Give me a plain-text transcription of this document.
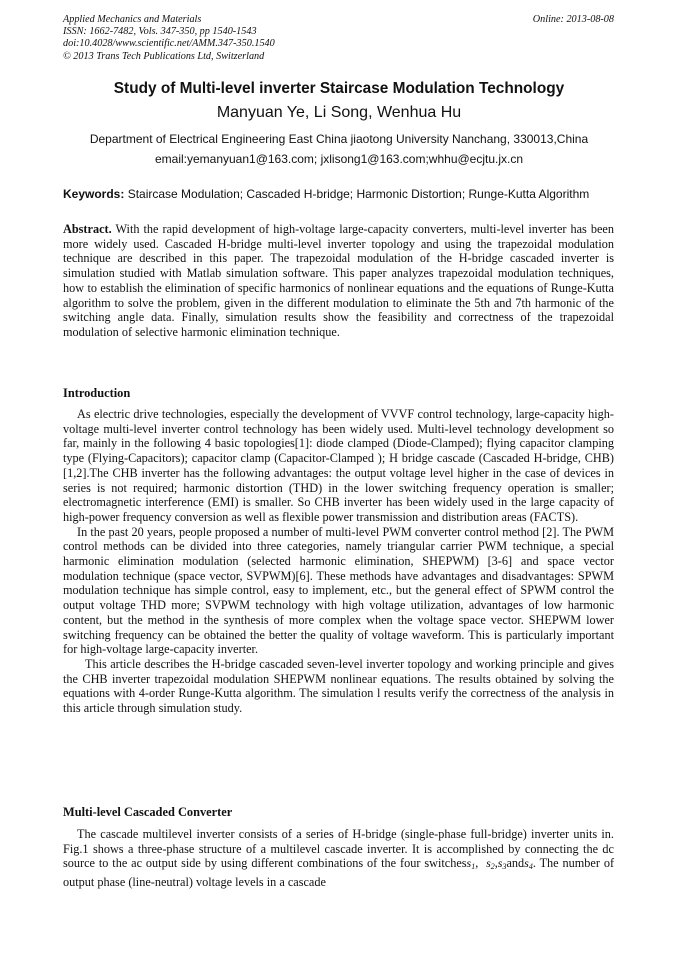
Applied Mechanics and Materials
ISSN: 1662-7482, Vols. 347-350, pp 1540-1543
doi:10.4028/www.scientific.net/AMM.347-350.1540
© 2013 Trans Tech Publications Ltd, Switzerland
Online: 2013-08-08
Study of Multi-level inverter Staircase Modulation Technology
Manyuan Ye, Li Song, Wenhua Hu
Department of Electrical Engineering East China jiaotong University Nanchang, 330013,China
email:yemanyuan1@163.com; jxlisong1@163.com;whhu@ecjtu.jx.cn
Keywords: Staircase Modulation; Cascaded H-bridge; Harmonic Distortion; Runge-Kutta Algorithm

Abstract. With the rapid development of high-voltage large-capacity converters, multi-level inverter has been more widely used. Cascaded H-bridge multi-level inverter topology and using the trapezoidal modulation technique are described in this paper. The trapezoidal modulation of the H-bridge cascaded inverter is simulation studied with Matlab simulation software. This paper analyzes trapezoidal modulation techniques, how to establish the elimination of specific harmonics of nonlinear equations and the equations of Runge-Kutta algorithm to solve the problem, given in the different modulation to eliminate the 5th and 7th harmonic of the switching angle data. Finally, simulation results show the feasibility and correctness of the trapezoidal modulation of selective harmonic elimination technique.

Introduction

As electric drive technologies, especially the development of VVVF control technology, large-capacity high-voltage multi-level inverter control technology has been widely used. Multi-level technology development so far, mainly in the following 4 basic topologies[1]: diode clamped (Diode-Clamped); flying capacitor clamping type (Flying-Capacitors); capacitor clamp (Capacitor-Clamped ); H bridge cascade (Cascaded H-bridge, CHB) [1,2].The CHB inverter has the following advantages: the output voltage level higher in the case of devices in series is not required; harmonic distortion (THD) in the lower switching frequency operation is smaller; electromagnetic interference (EMI) is smaller. So CHB inverter has been widely used in the large capacity of high-power frequency conversion as well as flexible power transmission and distribution areas (FACTS).

In the past 20 years, people proposed a number of multi-level PWM converter control method [2]. The PWM control methods can be divided into three categories, namely triangular carrier PWM technique, a special harmonic elimination modulation (selected harmonic elimination, SHEPWM) [3-6] and space vector modulation technique (space vector, SVPWM)[6]. These methods have advantages and disadvantages: SPWM modulation technique has simple control, easy to implement, etc., but the general effect of SPWM control the output voltage THD more; SVPWM technology with high voltage utilization, advantages of low harmonic content, but the method in the synthesis of more complex when the voltage space vector. SHEPWM lower switching frequency can be obtained the better the quality of voltage waveform. This is particularly important for high-voltage large-capacity inverter.

This article describes the H-bridge cascaded seven-level inverter topology and working principle and gives the CHB inverter trapezoidal modulation SHEPWM nonlinear equations. The results obtained by solving the equations with 4-order Runge-Kutta algorithm. The simulation l results verify the correctness of the analysis in this article through simulation study.

Multi-level Cascaded Converter

The cascade multilevel inverter consists of a series of H-bridge (single-phase full-bridge) inverter units in. Fig.1 shows a three-phase structure of a multilevel cascade inverter. It is accomplished by connecting the dc source to the ac output side by using different combinations of the four switchess$_1$, $s_2,s_3ands_4$. The number of output phase (line-neutral) voltage levels in a cascade
